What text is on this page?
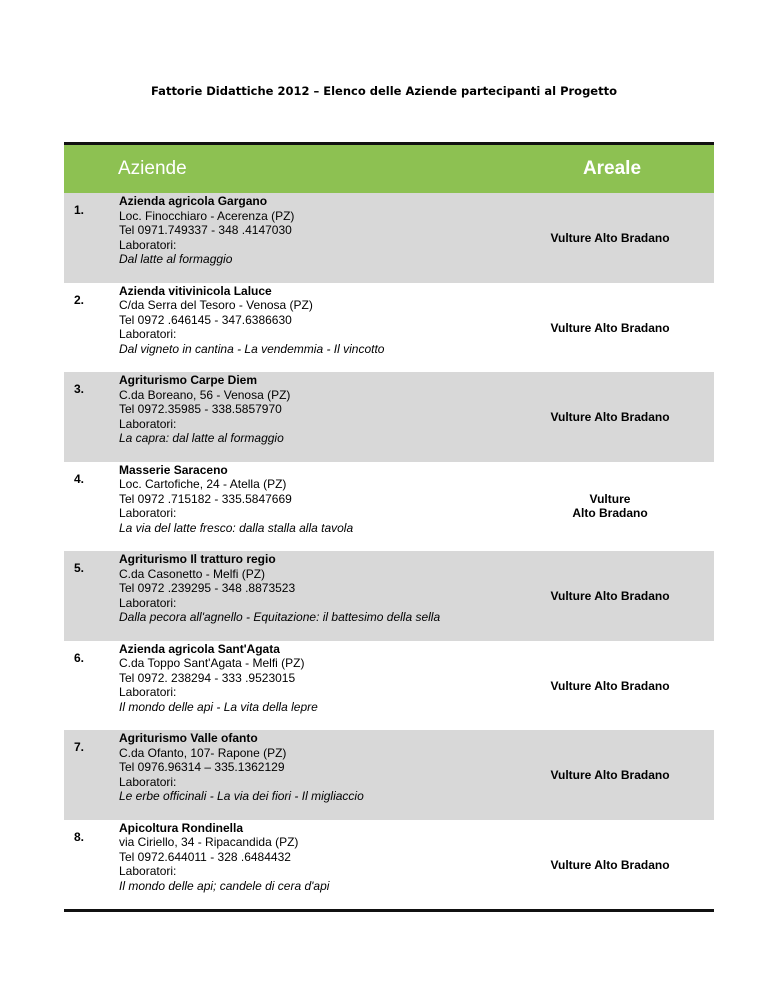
Fattorie Didattiche 2012 – Elenco delle Aziende partecipanti al Progetto
Aziende	Areale
1.
Azienda agricola Gargano
Loc. Finocchiaro - Acerenza (PZ)
Tel 0971.749337 - 348 .4147030
Laboratori:
Dal latte al formaggio
Vulture Alto Bradano
2.
Azienda vitivinicola Laluce
C/da Serra del Tesoro - Venosa (PZ)
Tel 0972 .646145 - 347.6386630
Laboratori:
Dal vigneto in cantina - La vendemmia - Il vincotto
Vulture Alto Bradano
3.
Agriturismo Carpe Diem
C.da Boreano, 56 - Venosa (PZ)
Tel 0972.35985 - 338.5857970
Laboratori:
La capra: dal latte al formaggio
Vulture Alto Bradano
4.
Masserie Saraceno
Loc. Cartofiche, 24 - Atella (PZ)
Tel 0972 .715182 - 335.5847669
Laboratori:
La via del latte fresco: dalla stalla alla tavola
Vulture
Alto Bradano
5.
Agriturismo Il tratturo regio
C.da Casonetto - Melfi (PZ)
Tel 0972 .239295 - 348 .8873523
Laboratori:
Dalla pecora all'agnello - Equitazione: il battesimo della sella
Vulture Alto Bradano
6.
Azienda agricola Sant'Agata
C.da Toppo Sant'Agata - Melfi (PZ)
Tel 0972. 238294 - 333 .9523015
Laboratori:
Il mondo delle api - La vita della lepre
Vulture Alto Bradano
7.
Agriturismo Valle ofanto
C.da Ofanto, 107- Rapone (PZ)
Tel 0976.96314 – 335.1362129
Laboratori:
Le erbe officinali - La via dei fiori - Il migliaccio
Vulture Alto Bradano
8.
Apicoltura Rondinella
via Ciriello, 34 - Ripacandida (PZ)
Tel 0972.644011 - 328 .6484432
Laboratori:
Il mondo delle api; candele di cera d'api
Vulture Alto Bradano
